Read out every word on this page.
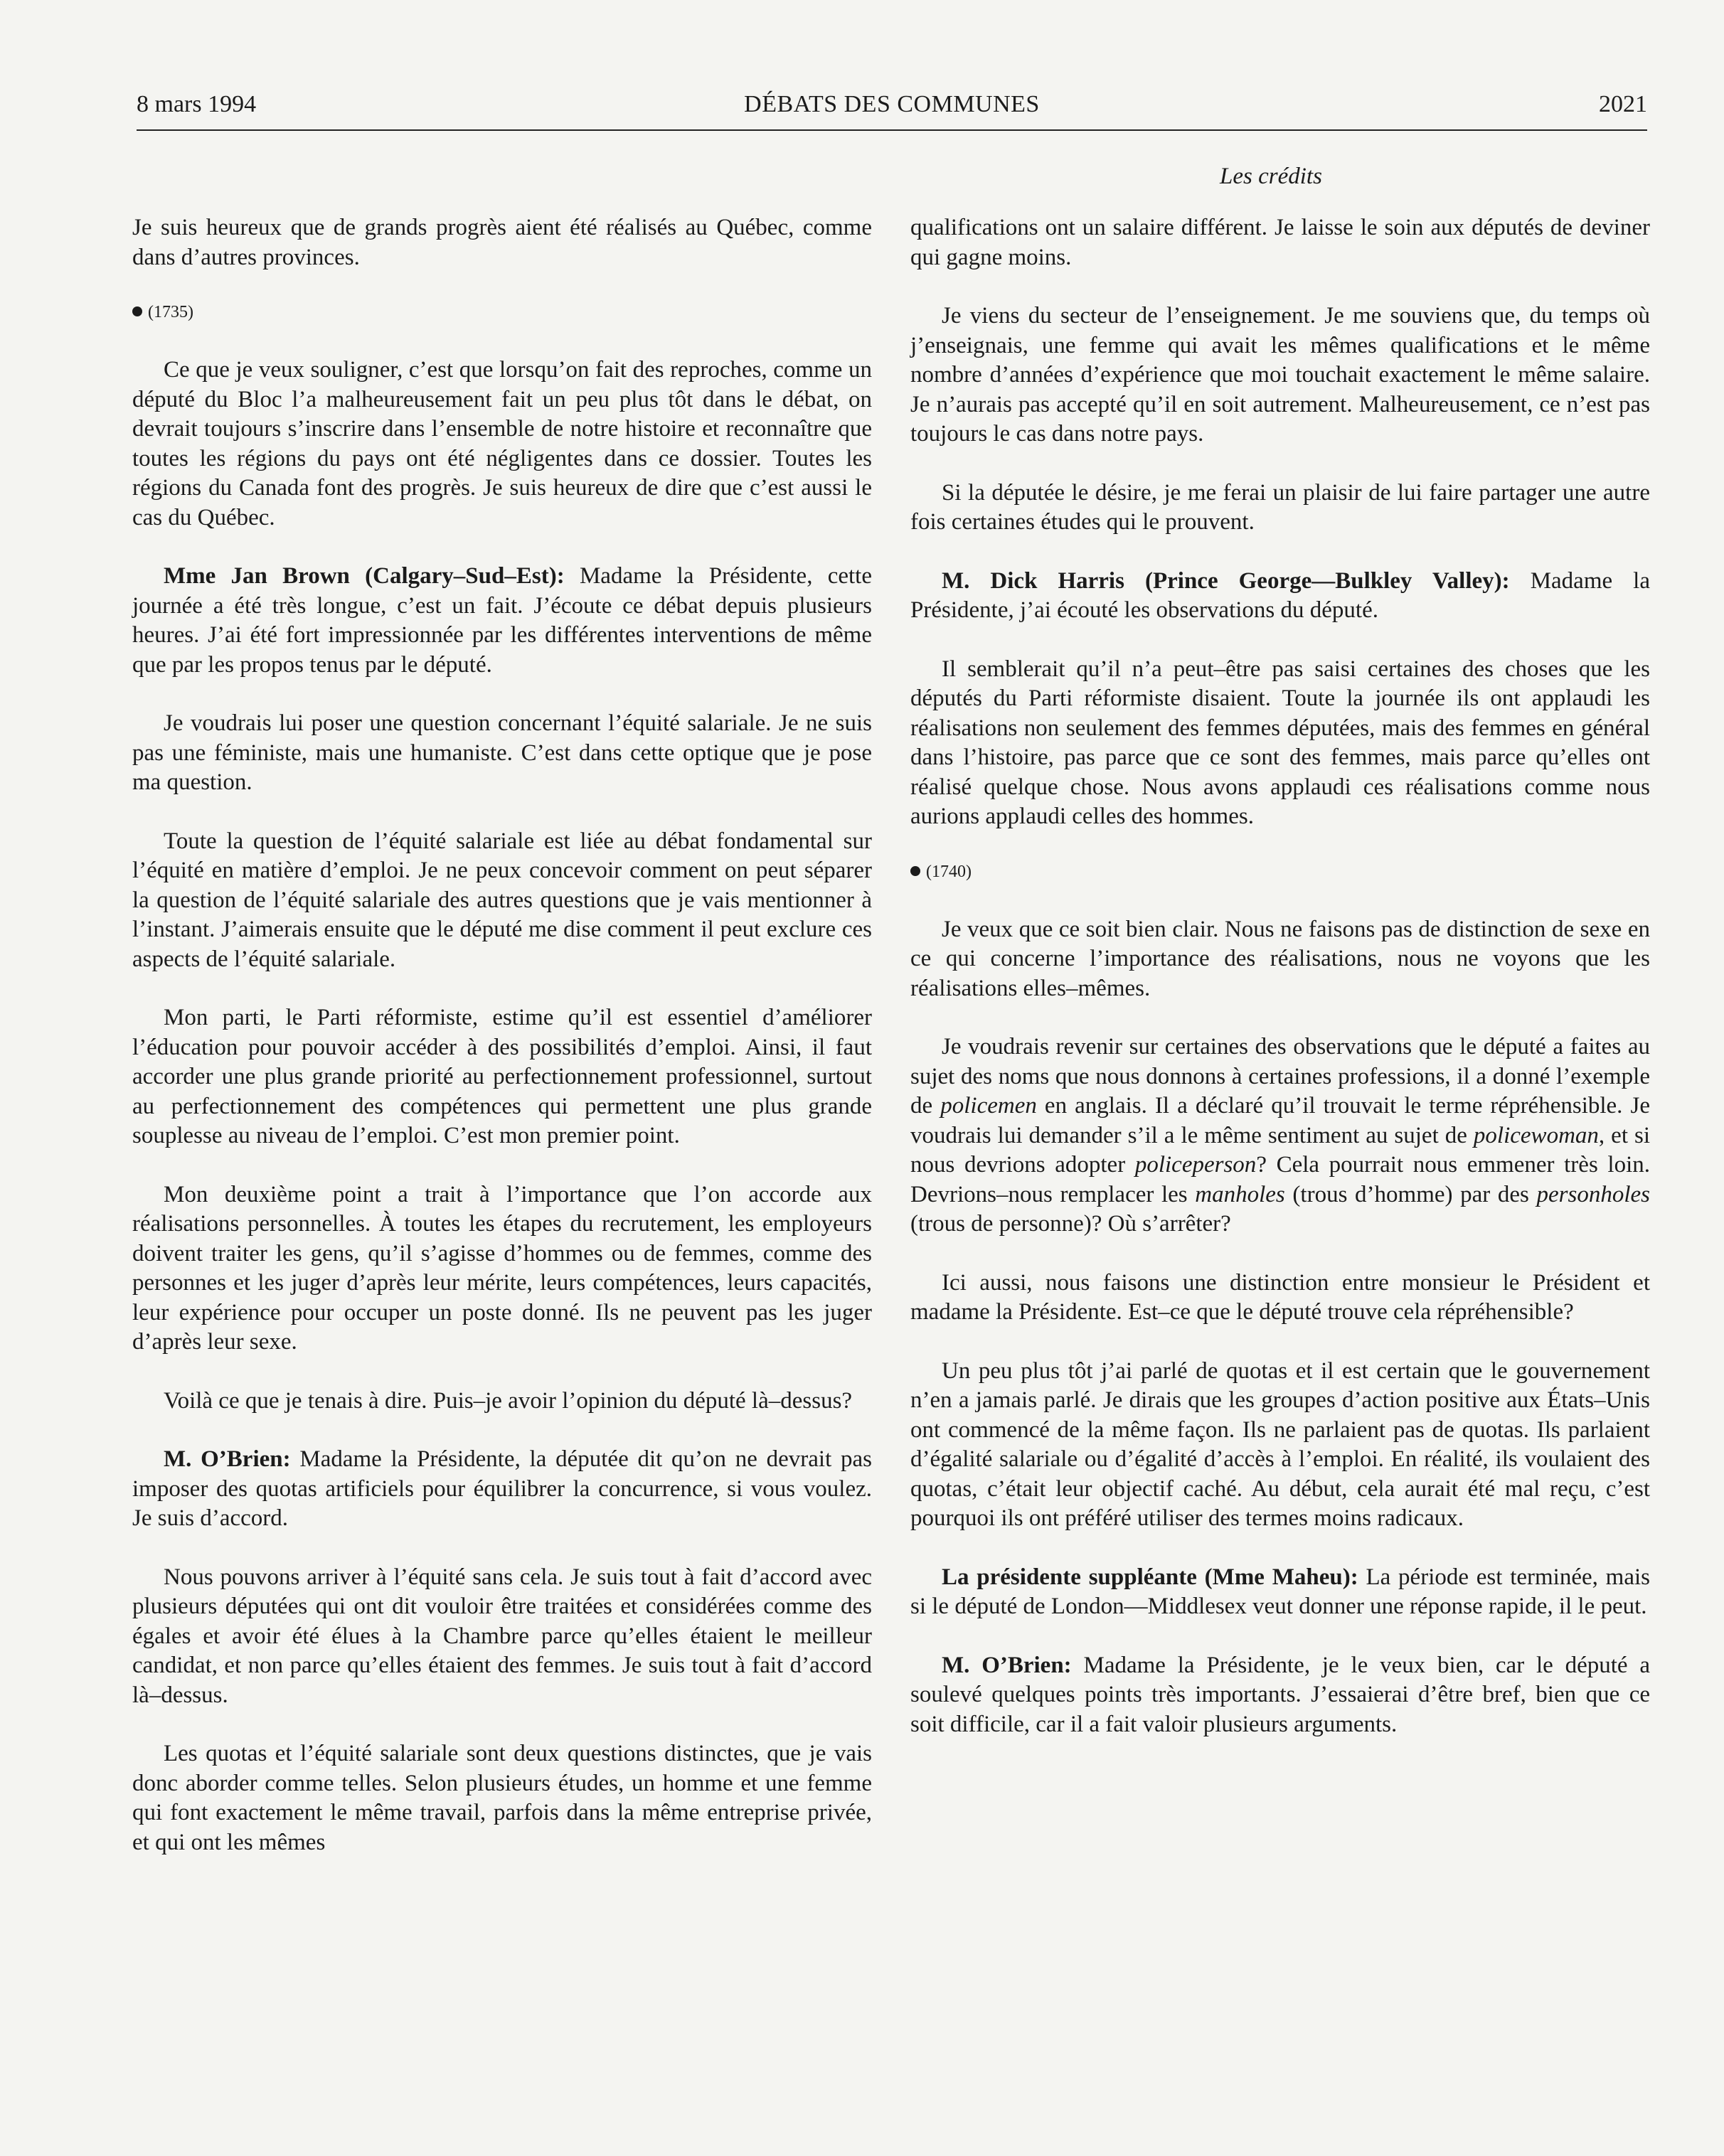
8 mars 1994	DÉBATS DES COMMUNES	2021
Les crédits

Je suis heureux que de grands progrès aient été réalisés au Québec, comme dans d’autres provinces.

(1735)

Ce que je veux souligner, c’est que lorsqu’on fait des reproches, comme un député du Bloc l’a malheureusement fait un peu plus tôt dans le débat, on devrait toujours s’inscrire dans l’ensemble de notre histoire et reconnaître que toutes les régions du pays ont été négligentes dans ce dossier. Toutes les régions du Canada font des progrès. Je suis heureux de dire que c’est aussi le cas du Québec.

Mme Jan Brown (Calgary–Sud–Est): Madame la Présidente, cette journée a été très longue, c’est un fait. J’écoute ce débat depuis plusieurs heures. J’ai été fort impressionnée par les différentes interventions de même que par les propos tenus par le député.

Je voudrais lui poser une question concernant l’équité salariale. Je ne suis pas une féministe, mais une humaniste. C’est dans cette optique que je pose ma question.

Toute la question de l’équité salariale est liée au débat fondamental sur l’équité en matière d’emploi. Je ne peux concevoir comment on peut séparer la question de l’équité salariale des autres questions que je vais mentionner à l’instant. J’aimerais ensuite que le député me dise comment il peut exclure ces aspects de l’équité salariale.

Mon parti, le Parti réformiste, estime qu’il est essentiel d’améliorer l’éducation pour pouvoir accéder à des possibilités d’emploi. Ainsi, il faut accorder une plus grande priorité au perfectionnement professionnel, surtout au perfectionnement des compétences qui permettent une plus grande souplesse au niveau de l’emploi. C’est mon premier point.

Mon deuxième point a trait à l’importance que l’on accorde aux réalisations personnelles. À toutes les étapes du recrutement, les employeurs doivent traiter les gens, qu’il s’agisse d’hommes ou de femmes, comme des personnes et les juger d’après leur mérite, leurs compétences, leurs capacités, leur expérience pour occuper un poste donné. Ils ne peuvent pas les juger d’après leur sexe.

Voilà ce que je tenais à dire. Puis–je avoir l’opinion du député là–dessus?

M. O’Brien: Madame la Présidente, la députée dit qu’on ne devrait pas imposer des quotas artificiels pour équilibrer la concurrence, si vous voulez. Je suis d’accord.

Nous pouvons arriver à l’équité sans cela. Je suis tout à fait d’accord avec plusieurs députées qui ont dit vouloir être traitées et considérées comme des égales et avoir été élues à la Chambre parce qu’elles étaient le meilleur candidat, et non parce qu’elles étaient des femmes. Je suis tout à fait d’accord là–dessus.

Les quotas et l’équité salariale sont deux questions distinctes, que je vais donc aborder comme telles. Selon plusieurs études, un homme et une femme qui font exactement le même travail, parfois dans la même entreprise privée, et qui ont les mêmes

qualifications ont un salaire différent. Je laisse le soin aux députés de deviner qui gagne moins.

Je viens du secteur de l’enseignement. Je me souviens que, du temps où j’enseignais, une femme qui avait les mêmes qualifications et le même nombre d’années d’expérience que moi touchait exactement le même salaire. Je n’aurais pas accepté qu’il en soit autrement. Malheureusement, ce n’est pas toujours le cas dans notre pays.

Si la députée le désire, je me ferai un plaisir de lui faire partager une autre fois certaines études qui le prouvent.

M. Dick Harris (Prince George—Bulkley Valley): Madame la Présidente, j’ai écouté les observations du député.

Il semblerait qu’il n’a peut–être pas saisi certaines des choses que les députés du Parti réformiste disaient. Toute la journée ils ont applaudi les réalisations non seulement des femmes députées, mais des femmes en général dans l’histoire, pas parce que ce sont des femmes, mais parce qu’elles ont réalisé quelque chose. Nous avons applaudi ces réalisations comme nous aurions applaudi celles des hommes.

(1740)

Je veux que ce soit bien clair. Nous ne faisons pas de distinction de sexe en ce qui concerne l’importance des réalisations, nous ne voyons que les réalisations elles–mêmes.

Je voudrais revenir sur certaines des observations que le député a faites au sujet des noms que nous donnons à certaines professions, il a donné l’exemple de policemen en anglais. Il a déclaré qu’il trouvait le terme répréhensible. Je voudrais lui demander s’il a le même sentiment au sujet de policewoman, et si nous devrions adopter policeperson? Cela pourrait nous emmener très loin. Devrions–nous remplacer les manholes (trous d’homme) par des personholes (trous de personne)? Où s’arrêter?

Ici aussi, nous faisons une distinction entre monsieur le Président et madame la Présidente. Est–ce que le député trouve cela répréhensible?

Un peu plus tôt j’ai parlé de quotas et il est certain que le gouvernement n’en a jamais parlé. Je dirais que les groupes d’action positive aux États–Unis ont commencé de la même façon. Ils ne parlaient pas de quotas. Ils parlaient d’égalité salariale ou d’égalité d’accès à l’emploi. En réalité, ils voulaient des quotas, c’était leur objectif caché. Au début, cela aurait été mal reçu, c’est pourquoi ils ont préféré utiliser des termes moins radicaux.

La présidente suppléante (Mme Maheu): La période est terminée, mais si le député de London—Middlesex veut donner une réponse rapide, il le peut.

M. O’Brien: Madame la Présidente, je le veux bien, car le député a soulevé quelques points très importants. J’essaierai d’être bref, bien que ce soit difficile, car il a fait valoir plusieurs arguments.
